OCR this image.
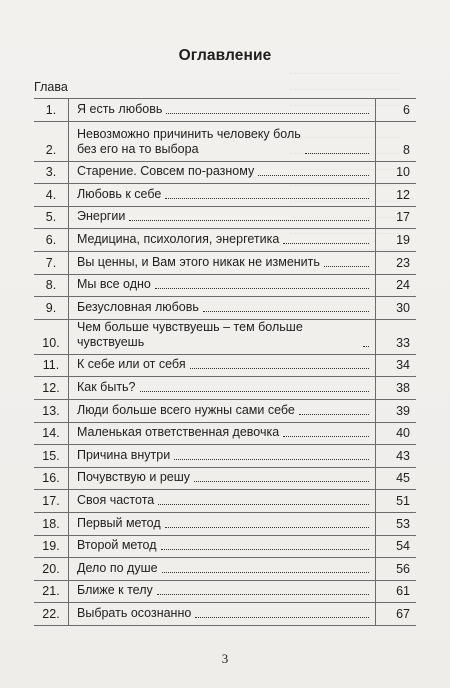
Оглавление
Глава
1.	Я есть любовь	6
2.	Невозможно причинить человеку боль
без его на то выбора	8
3.	Старение. Совсем по-разному	10
4.	Любовь к себе	12
5.	Энергии	17
6.	Медицина, психология, энергетика	19
7.	Вы ценны, и Вам этого никак не изменить	23
8.	Мы все одно	24
9.	Безусловная любовь	30
10.	Чем больше чувствуешь – тем больше чувствуешь	33
11.	К себе или от себя	34
12.	Как быть?	38
13.	Люди больше всего нужны сами себе	39
14.	Маленькая ответственная девочка	40
15.	Причина внутри	43
16.	Почувствую и решу	45
17.	Своя частота	51
18.	Первый метод	53
19.	Второй метод	54
20.	Дело по душе	56
21.	Ближе к телу	61
22.	Выбрать осознанно	67
3
